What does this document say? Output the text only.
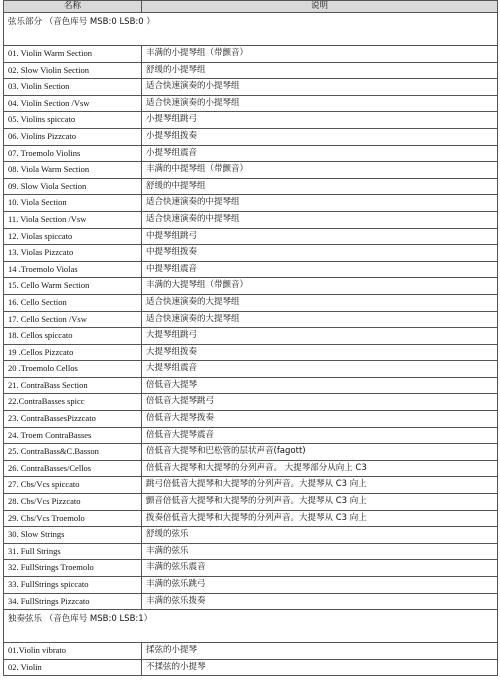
名称	说明
弦乐部分 （音色库号 MSB:0 LSB:0 ）	
01. Violin Warm Section	丰满的小提琴组（带颤音）
02. Slow Violin Section	舒缓的小提琴组
03. Violin Section	适合快速演奏的小提琴组
04. Violin Section /Vsw	适合快速演奏的小提琴组
05. Violins spiccato	小提琴组跳弓
06. Violins Pizzcato	小提琴组拨奏
07. Troemolo Violins	小提琴组震音
08. Viola Warm Section	丰满的中提琴组（带颤音）
09. Slow Viola Section	舒缓的中提琴组
10. Viola Section	适合快速演奏的中提琴组
11. Viola Section /Vsw	适合快速演奏的中提琴组
12. Violas spiccato	中提琴组跳弓
13. Violas Pizzcato	中提琴组拨奏
14 .Troemolo Violas	中提琴组震音
15. Cello Warm Section	丰满的大提琴组（带颤音）
16. Cello Section	适合快速演奏的大提琴组
17. Cello Section /Vsw	适合快速演奏的大提琴组
18. Cellos spiccato	大提琴组跳弓
19 .Cellos Pizzcato	大提琴组拨奏
20 .Troemolo Cellos	大提琴组震音
21. ContraBass Section	倍低音大提琴
22.ContraBasses spicc	倍低音大提琴跳弓
23. ContraBassesPizzcato	倍低音大提琴拨奏
24. Troem ContraBasses	倍低音大提琴震音
25. ContraBass&C.Basson	倍低音大提琴和巴松管的层状声音(fagott)
26. ContraBasses/Cellos	倍低音大提琴和大提琴的分列声音。 大提琴部分从向上 C3
27. Cbs/Vcs spiccato	跳弓倍低音大提琴和大提琴的分列声音。大提琴从 C3 向上
28. Cbs/Vcs Pizzcato	颤音倍低音大提琴和大提琴的分列声音。大提琴从 C3 向上
29. Cbs/Vcs Troemolo	拨奏倍低音大提琴和大提琴的分列声音。大提琴从 C3 向上
30. Slow Strings	舒缓的弦乐
31. Full Strings	丰满的弦乐
32. FullStrings Troemolo	丰满的弦乐震音
33. FullStrings spiccato	丰满的弦乐跳弓
34. FullStrings Pizzcato	丰满的弦乐拨奏
独奏弦乐 （音色库号 MSB:0 LSB:1）	
01.Violin vibrato	揉弦的小提琴
02. Violin	不揉弦的小提琴
